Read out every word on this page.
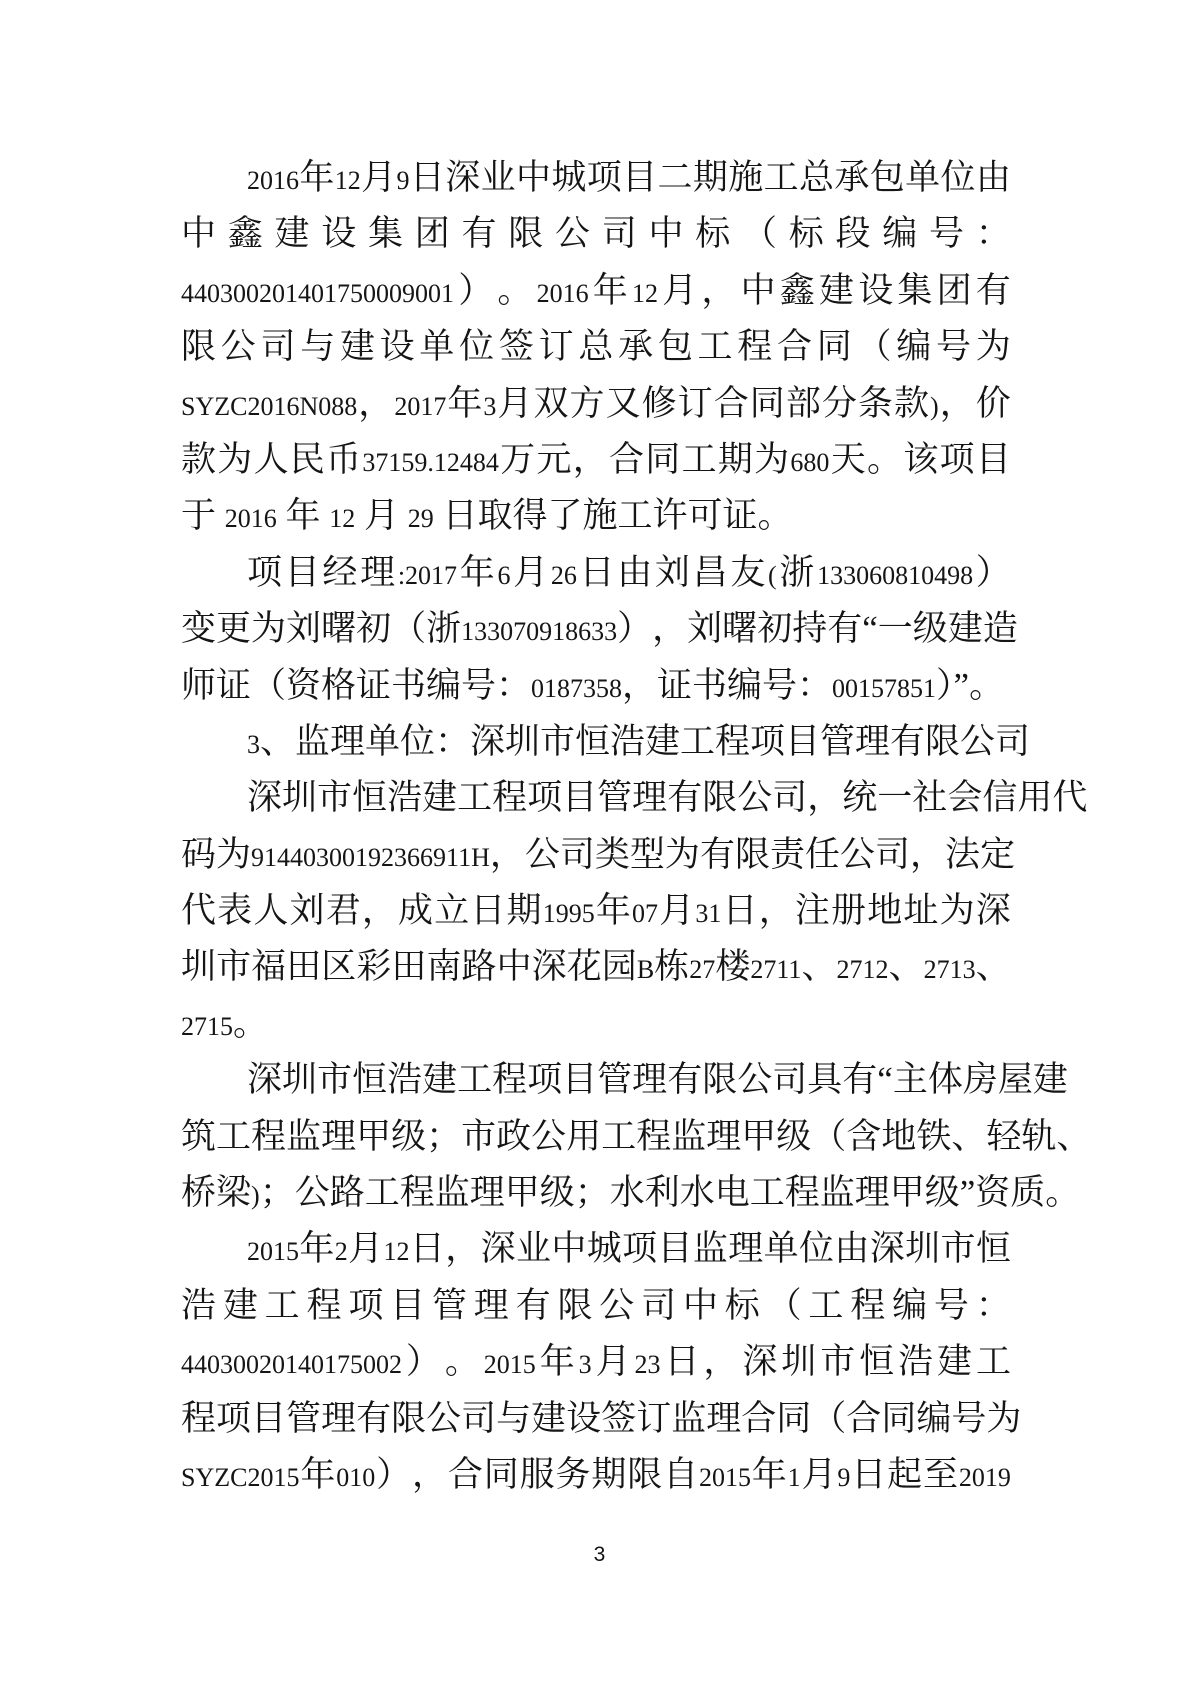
2016 年 12 月 9 日 深 业 中 城 项 目 二 期 施 工 总 承 包 单 位 由
中 鑫 建 设 集 团 有 限 公 司 中 标 （ 标 段 编 号 ：
440300201401750009001 ） 。 2016 年 12 月 ， 中 鑫 建 设 集 团 有
限 公 司 与 建 设 单 位 签 订 总 承 包 工 程 合 同 （ 编 号 为
SYZC2016N088 ， 2017 年 3 月 双 方 又 修 订 合 同 部 分 条 款 ) ， 价
款 为 人 民 币 37159.12484 万 元 ， 合 同 工 期 为 680 天 。 该 项 目
于 2016 年 12 月 29 日取得了施工许可证。
项 目 经 理 :2017 年 6 月 26 日 由 刘 昌 友 ( 浙 133060810498 ）
变 更 为 刘 曙 初 （ 浙 133070918633 ） ， 刘 曙 初 持 有 “ 一 级 建 造
师证（资格证书编号：0187358，证书编号：00157851）”。
3、监理单位：深圳市恒浩建工程项目管理有限公司
深 圳 市 恒 浩 建 工 程 项 目 管 理 有 限 公 司 ， 统 一 社 会 信 用 代
码 为 91440300192366911H ， 公 司 类 型 为 有 限 责 任 公 司 ， 法 定
代 表 人 刘 君 ， 成 立 日 期 1995 年 07 月 31 日 ， 注 册 地 址 为 深
圳 市 福 田 区 彩 田 南 路 中 深 花 园 B 栋 27 楼 2711 、 2712 、 2713 、
2715。
深 圳 市 恒 浩 建 工 程 项 目 管 理 有 限 公 司 具 有 “ 主 体 房 屋 建
筑 工 程 监 理 甲 级 ； 市 政 公 用 工 程 监 理 甲 级 （ 含 地 铁 、 轻 轨 、
桥梁)；公路工程监理甲级；水利水电工程监理甲级”资质。
2015 年 2 月 12 日 ， 深 业 中 城 项 目 监 理 单 位 由 深 圳 市 恒
浩 建 工 程 项 目 管 理 有 限 公 司 中 标 （ 工 程 编 号 ：
44030020140175002 ） 。 2015 年 3 月 23 日 ， 深 圳 市 恒 浩 建 工
程 项 目 管 理 有 限 公 司 与 建 设 签 订 监 理 合 同 （ 合 同 编 号 为
SYZC2015 年 010 ） ， 合 同 服 务 期 限 自 2015 年 1 月 9 日 起 至 2019
3
